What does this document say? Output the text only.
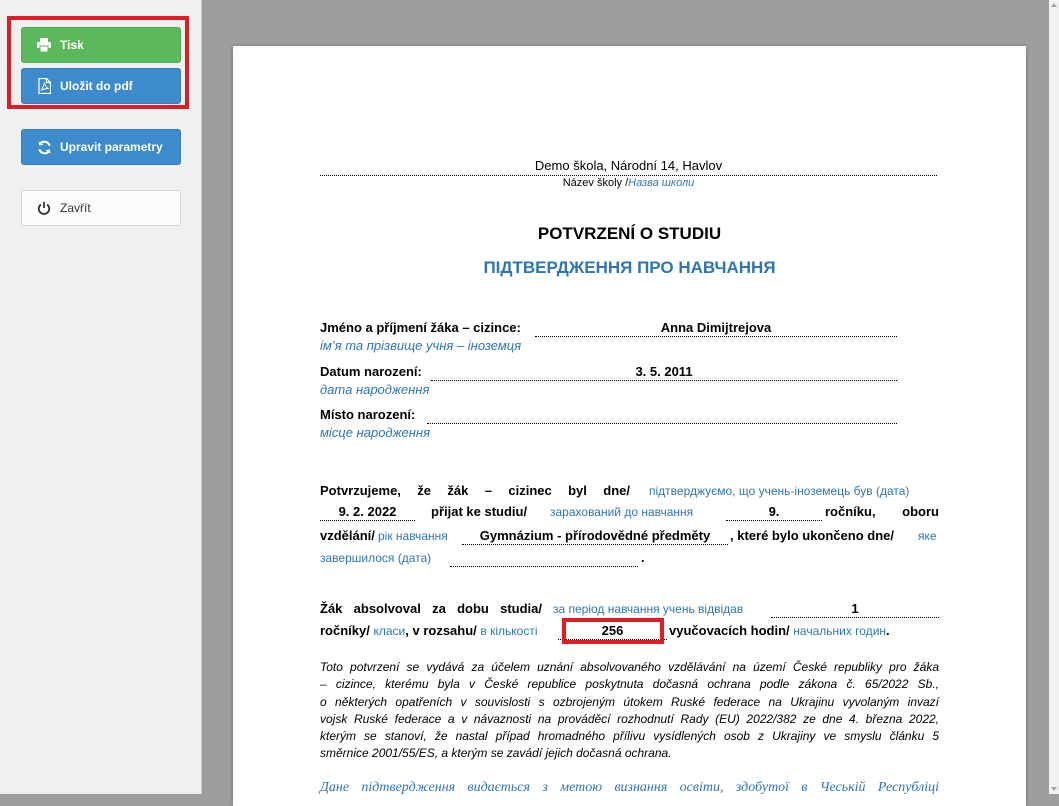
Tisk
Uložit do pdf
Upravit parametry
Zavřít
Demo škola, Národní 14, Havlov
Název školy /Назва школи
POTVRZENÍ O STUDIU
ПІДТВЕРДЖЕННЯ ПРО НАВЧАННЯ
Jméno a příjmení žáka – cizince:	Anna Dimijtrejova
ім’я та прізвище учня – іноземця
Datum narození:	3. 5. 2011
дата народження
Místo narození:
місце народження
Potvrzujeme, že žák – cizinec byl dne/ підтверджуємо, що учень-іноземець був (дата)
9. 2. 2022	přijat ke studiu/ зарахований до навчання	9.	ročníku, oboru
vzdělání/ рік навчання	Gymnázium - přírodovědné předměty	, které bylo ukončeno dne/ яке
завершилося (дата)	.
Žák absolvoval za dobu studia/ за період навчання учень відвідав	1
ročníky/ класи, v rozsahu/ в кількості	256	vyučovacích hodin/ начальних годин.
Toto potvrzení se vydává za účelem uznání absolvovaného vzdělávání na území České republiky pro žáka
– cizince, kterému byla v České republice poskytnuta dočasná ochrana podle zákona č. 65/2022 Sb.,
o některých opatřeních v souvislosti s ozbrojeným útokem Ruské federace na Ukrajinu vyvolaným invazí
vojsk Ruské federace a v návaznosti na prováděcí rozhodnutí Rady (EU) 2022/382 ze dne 4. března 2022,
kterým se stanoví, že nastal případ hromadného přílivu vysídlených osob z Ukrajiny ve smyslu článku 5
směrnice 2001/55/ES, a kterým se zavádí jejich dočasná ochrana.
Дане підтвердження видається з метою визнання освіти, здобутої в Чеській Республіці
